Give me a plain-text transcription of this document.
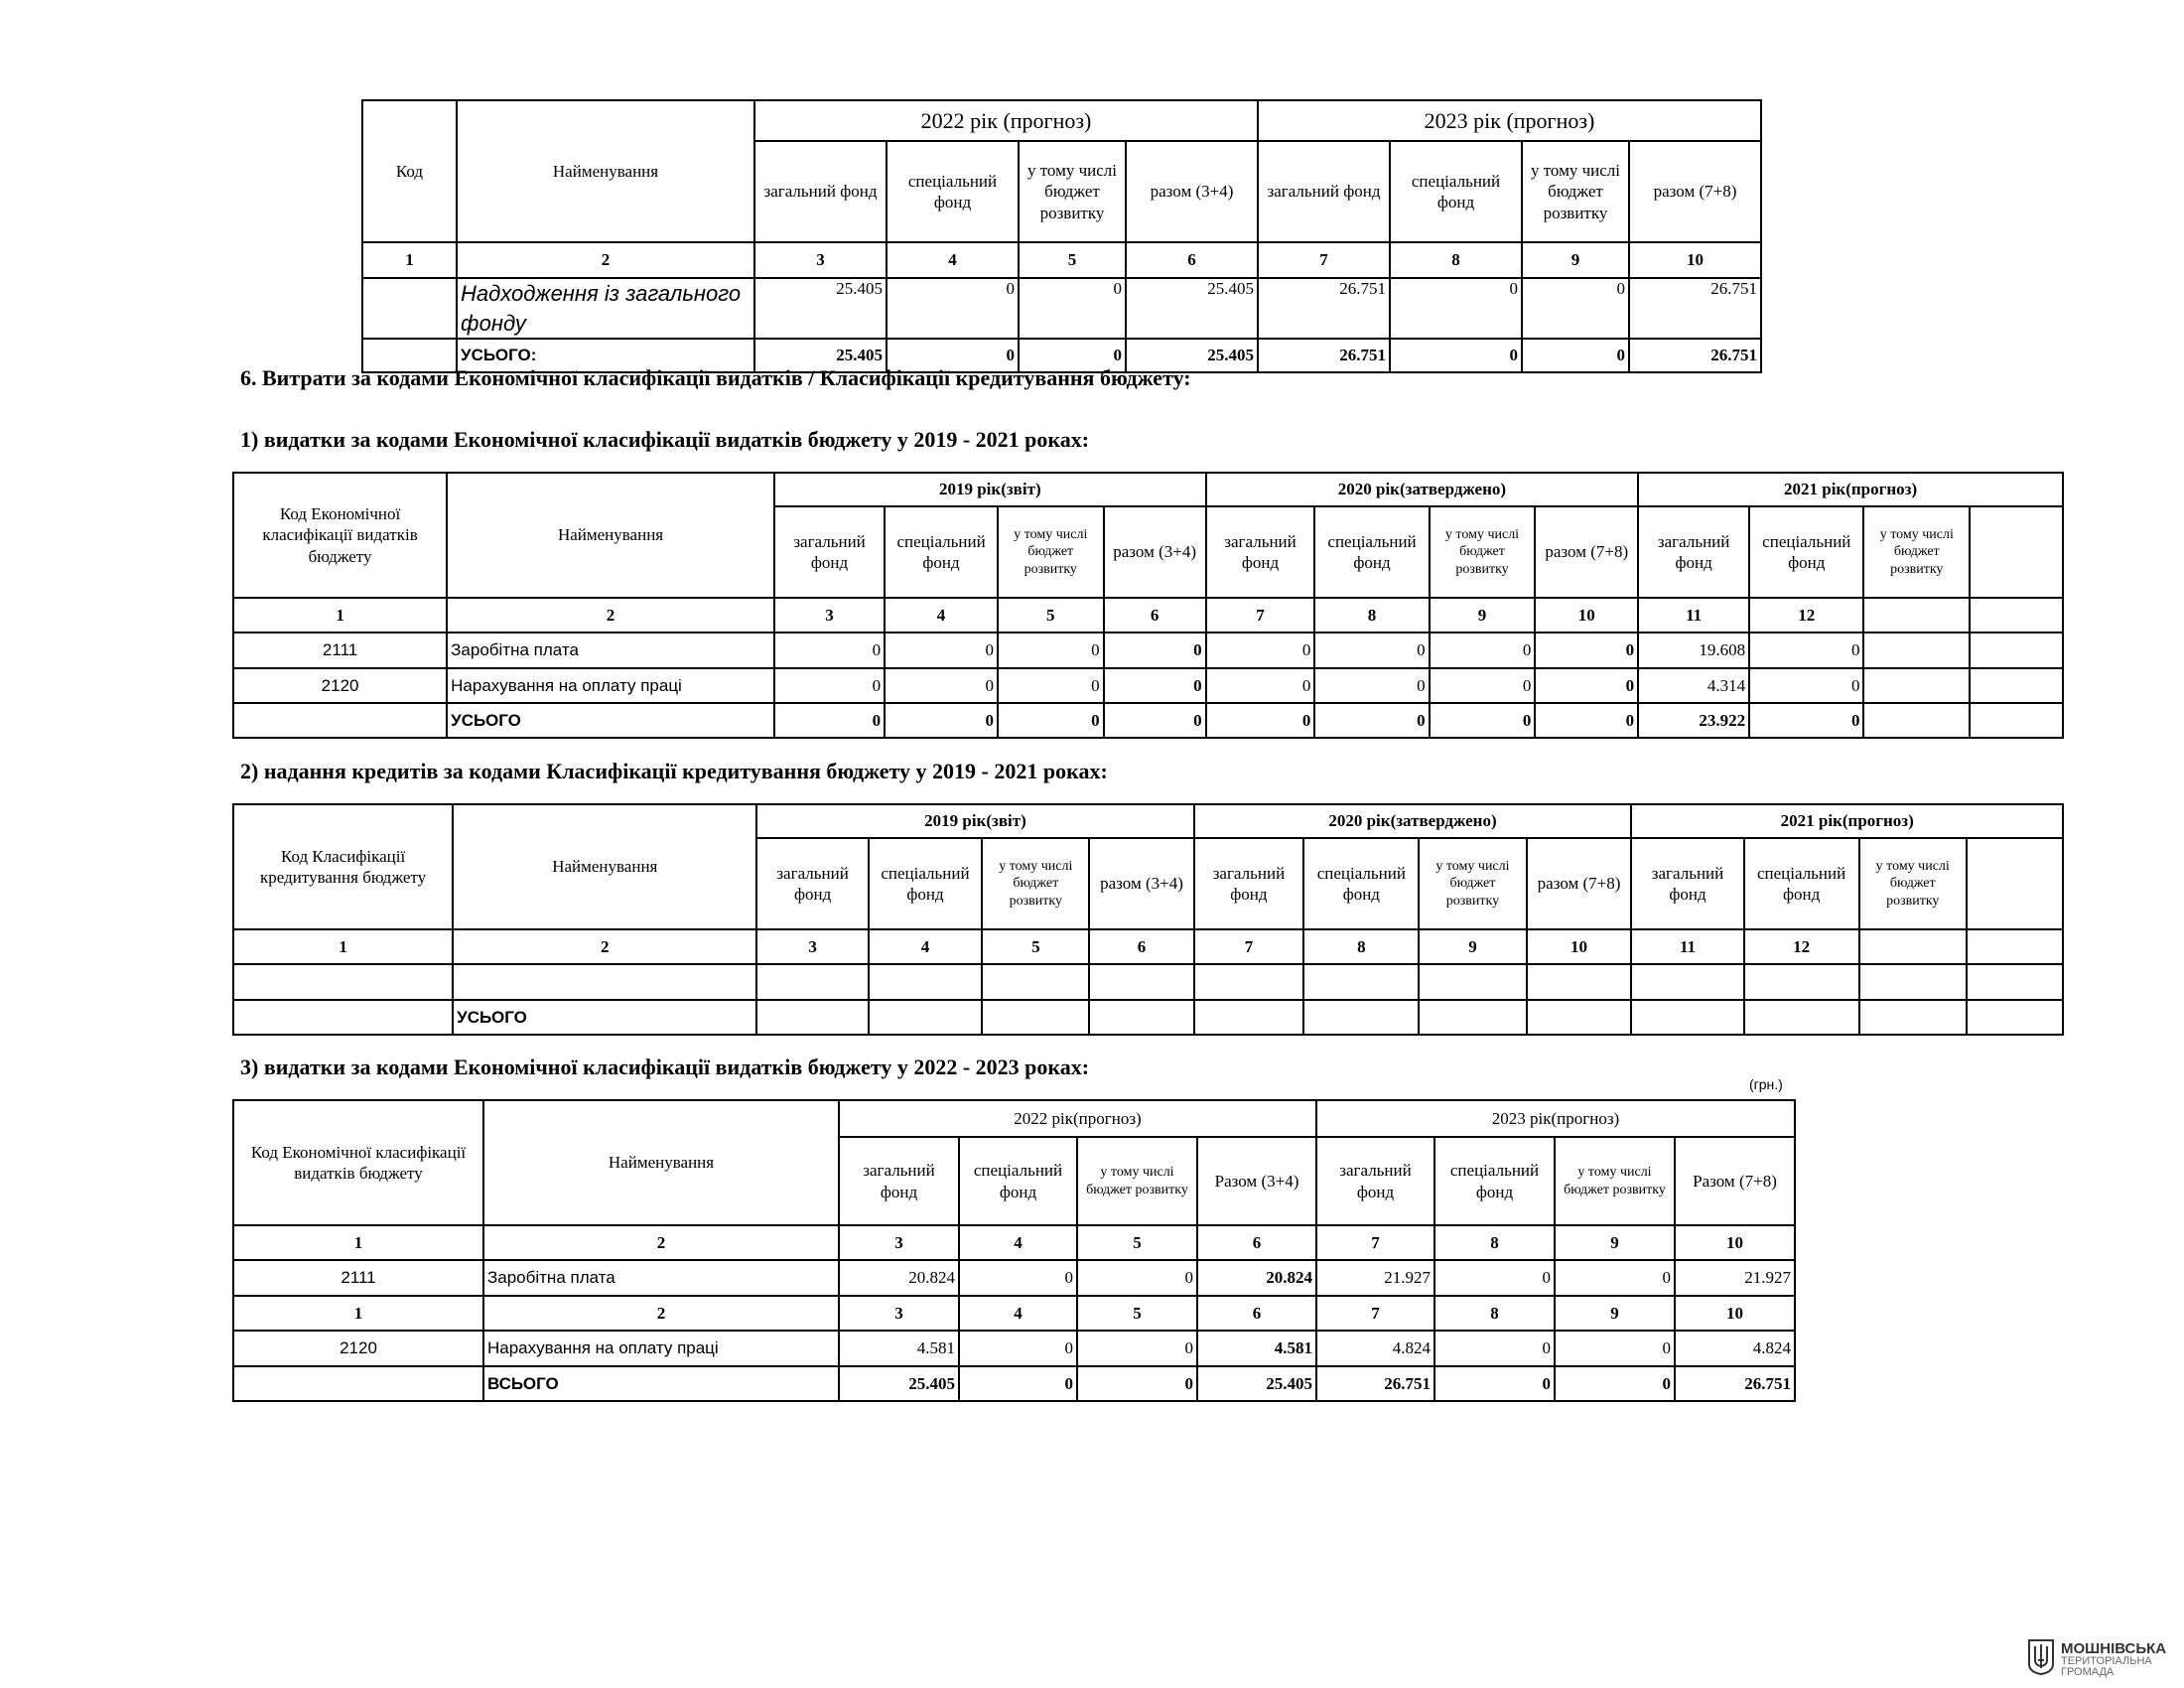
Код	Найменування	2022 рік (прогноз)				2023 рік (прогноз)			
		загальний фонд	спеціальний фонд	у тому числі бюджет розвитку	разом (3+4)	загальний фонд	спеціальний фонд	у тому числі бюджет розвитку	разом (7+8)
1	2	3	4	5	6	7	8	9	10
	Надходження із загального фонду	25.405	0	0	25.405	26.751	0	0	26.751
	УСЬОГО:	25.405	0	0	25.405	26.751	0	0	26.751
6. Витрати за кодами Економічної класифікації видатків / Класифікації кредитування бюджету:
1) видатки за кодами Економічної класифікації видатків бюджету у 2019 - 2021 роках:
2) надання кредитів за кодами Класифікації кредитування бюджету у 2019 - 2021 роках:
3) видатки за кодами Економічної класифікації видатків бюджету у 2022 - 2023 роках:
(грн.)
Код Економічної класифікації видатків бюджету	Найменування	2019 рік(звіт)				2020 рік(затверджено)				2021 рік(прогноз)			
		загальний фонд	спеціальний фонд	у тому числі бюджет розвитку	разом (3+4)	загальний фонд	спеціальний фонд	у тому числі бюджет розвитку	разом (7+8)	загальний фонд	спеціальний фонд	у тому числі бюджет розвитку	
1	2	3	4	5	6	7	8	9	10	11	12		
2111	Заробітна плата	0	0	0	0	0	0	0	0	19.608	0		
2120	Нарахування на оплату праці	0	0	0	0	0	0	0	0	4.314	0		
	УСЬОГО	0	0	0	0	0	0	0	0	23.922	0		
Код Класифікації кредитування бюджету	Найменування	2019 рік(звіт)				2020 рік(затверджено)				2021 рік(прогноз)			
		загальний фонд	спеціальний фонд	у тому числі бюджет розвитку	разом (3+4)	загальний фонд	спеціальний фонд	у тому числі бюджет розвитку	разом (7+8)	загальний фонд	спеціальний фонд	у тому числі бюджет розвитку	
1	2	3	4	5	6	7	8	9	10	11	12		

	УСЬОГО												
Код Економічної класифікації видатків бюджету	Найменування	2022 рік(прогноз)				2023 рік(прогноз)			
		загальний фонд	спеціальний фонд	у тому числі бюджет розвитку	Разом (3+4)	загальний фонд	спеціальний фонд	у тому числі бюджет розвитку	Разом (7+8)
1	2	3	4	5	6	7	8	9	10
2111	Заробітна плата	20.824	0	0	20.824	21.927	0	0	21.927
1	2	3	4	5	6	7	8	9	10
2120	Нарахування на оплату праці	4.581	0	0	4.581	4.824	0	0	4.824
	ВСЬОГО	25.405	0	0	25.405	26.751	0	0	26.751
МОШНІВСЬКА
ТЕРИТОРІАЛЬНА
ГРОМАДА
